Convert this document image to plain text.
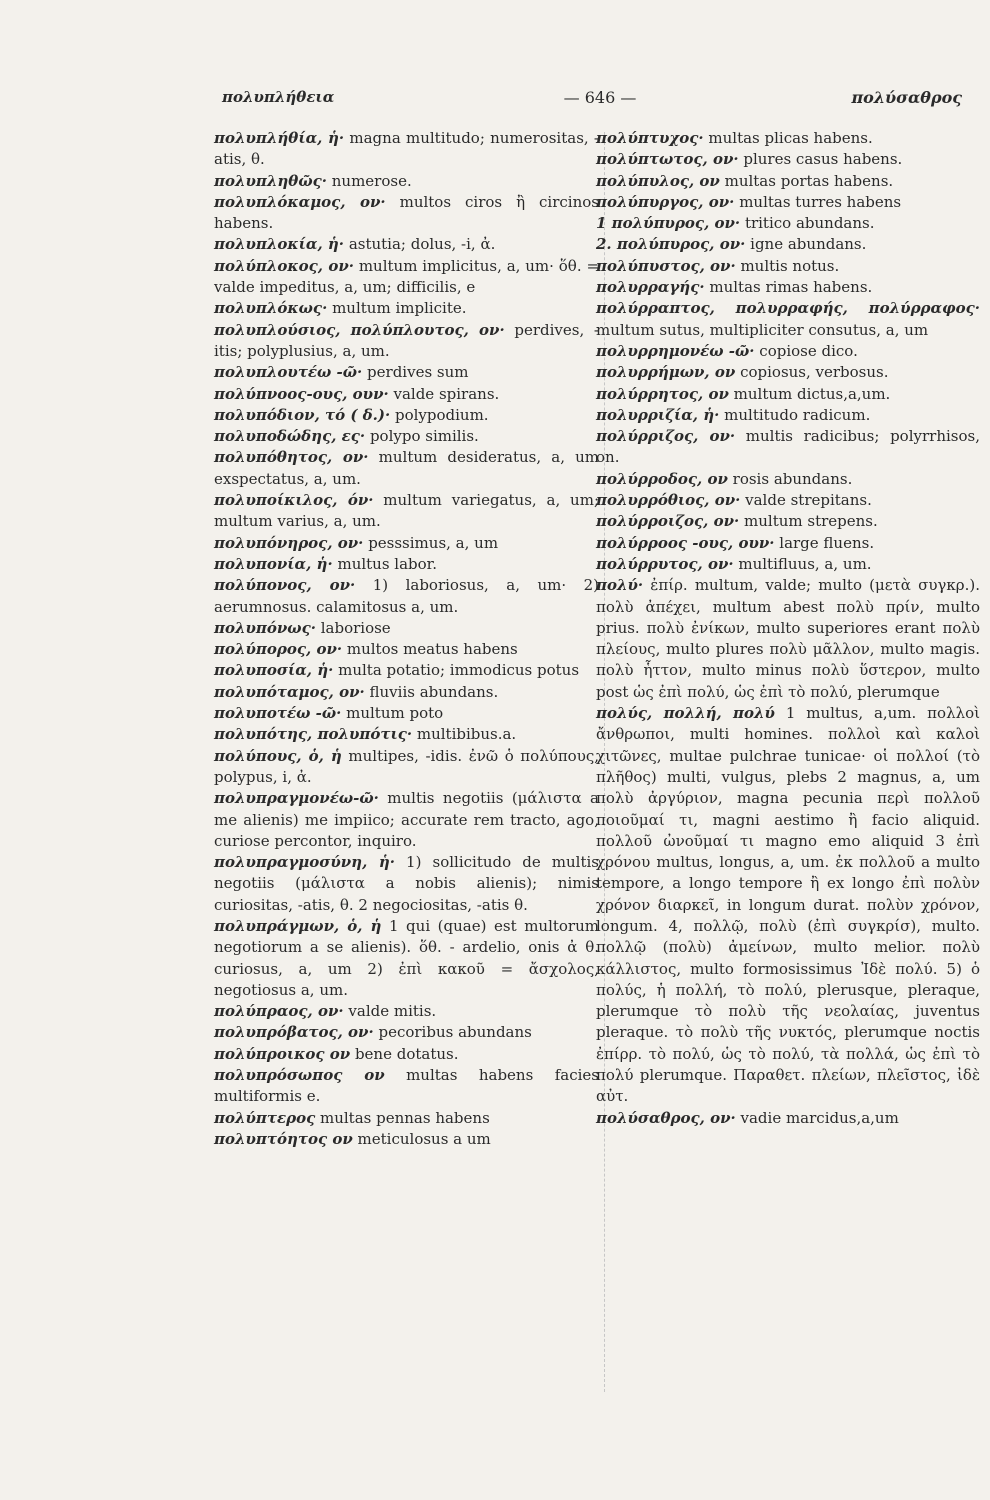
πολυπλήθεια	— 646 —	πολύσαθρος

πολυπλήθία, ἡ· magna multitudo; numerositas, -atis, θ.

πολυπληθῶς· numerose.

πολυπλόκαμος, ον· multos ciros ἢ circinos habens.

πολυπλοκία, ἡ· astutia; dolus, -i, ἀ.

πολύπλοκος, ον· multum implicitus, a, um· ὅθ. = valde impeditus, a, um; difficilis, e

πολυπλόκως· multum implicite.

πολυπλούσιος, πολύπλουτος, ον· perdives, -itis; polyplusius, a, um.

πολυπλουτέω -ῶ· perdives sum

πολύπνοος-ους, ουν· valde spirans.

πολυπόδιον, τό ( δ.)· polypodium.

πολυποδώδης, ες· polypo similis.

πολυπόθητος, ον· multum desideratus, a, um exspectatus, a, um.

πολυποίκιλος, όν· multum variegatus, a, um; multum varius, a, um.

πολυπόνηρος, ον· pesssimus, a, um

πολυπονία, ἡ· multus labor.

πολύπονος, ον· 1) laboriosus, a, um· 2) aerumnosus. calamitosus a, um.

πολυπόνως· laboriose

πολύπορος, ον· multos meatus habens

πολυποσία, ἡ· multa potatio; immodicus potus

πολυπόταμος, ον· fluviis abundans.

πολυποτέω -ῶ· multum poto

πολυπότης, πολυπότις· multibibus.a.

πολύπους, ὁ, ἡ multipes, -idis. ἐνῶ ὁ πολύπους, polypus, i, ἀ.

πολυπραγμονέω-ῶ· multis negotiis (μάλιστα a me alienis) me impiico; accurate rem tracto, ago, curiose percontor, inquiro.

πολυπραγμοσύνη, ἡ· 1) sollicitudo de multis negotiis (μάλιστα a nobis alienis); nimis curiositas, -atis, θ. 2 negociositas, -atis θ.

πολυπράγμων, ὁ, ἡ 1 qui (quae) est multorum negotiorum a se alienis). ὅθ. - ardelio, onis ἀ θ. curiosus, a, um 2) ἐπὶ κακοῦ = ἄσχολος, negotiosus a, um.

πολύπραος, ον· valde mitis.

πολυπρόβατος, ον· pecoribus abundans

πολύπροικος ον bene dotatus.

πολυπρόσωπος ον multas habens facies multiformis e.

πολύπτερος multas pennas habens

πολυπτόητος ον meticulosus a um

πολύπτυχος· multas plicas habens.

πολύπτωτος, ον· plures casus habens.

πολύπυλος, ον multas portas habens.

πολύπυργος, ον· multas turres habens

1 πολύπυρος, ον· tritico abundans.

2. πολύπυρος, ον· igne abundans.

πολύπυστος, ον· multis notus.

πολυρραγής· multas rimas habens.

πολύρραπτος, πολυρραφής, πολύρραφος· multum sutus, multipliciter consutus, a, um

πολυρρημονέω -ῶ· copiose dico.

πολυρρήμων, ον copiosus, verbosus.

πολύρρητος, ον multum dictus,a,um.

πολυρριζία, ἡ· multitudo radicum.

πολύρριζος, ον· multis radicibus; polyrrhisos, on.

πολύρροδος, ον rosis abundans.

πολυρρόθιος, ον· valde strepitans.

πολύρροιζος, ον· multum strepens.

πολύρροος -ους, ουν· large fluens.

πολύρρυτος, ον· multifluus, a, um.

πολύ· ἐπίρ. multum, valde; multo (μετὰ συγκρ.). πολὺ ἀπέχει, multum abest πολὺ πρίν, multo prius. πολὺ ἐνίκων, multo superiores erant πολὺ πλείους, multo plures πολὺ μᾶλλον, multo magis. πολὺ ἧττον, multo minus πολὺ ὕστερον, multo post ὡς ἐπὶ πολύ, ὡς ἐπὶ τὸ πολύ, plerumque

πολύς, πολλή, πολύ 1 multus, a,um. πολλοὶ ἄνθρωποι, multi homines. πολλοὶ καὶ καλοὶ χιτῶνες, multae pulchrae tunicae· οἱ πολλοί (τὸ πλῆθος) multi, vulgus, plebs 2 magnus, a, um πολὺ ἀργύριον, magna pecunia περὶ πολλοῦ ποιοῦμαί τι, magni aestimo ἢ facio aliquid. πολλοῦ ὠνοῦμαί τι magno emo aliquid 3 ἐπὶ χρόνου multus, longus, a, um. ἐκ πολλοῦ a multo tempore, a longo tempore ἢ ex longo ἐπὶ πολὺν χρόνον διαρκεῖ, in longum durat. πολὺν χρόνον, longum. 4, πολλῷ, πολὺ (ἐπὶ συγκρίσ), multo. πολλῷ (πολὺ) ἀμείνων, multo melior. πολὺ κάλλιστος, multo formosissimus Ἰδὲ πολύ. 5) ὁ πολύς, ἡ πολλή, τὸ πολύ, plerusque, pleraque, plerumque τὸ πολὺ τῆς νεολαίας, juventus pleraque. τὸ πολὺ τῆς νυκτός, plerumque noctis ἐπίρρ. τὸ πολύ, ὡς τὸ πολύ, τὰ πολλά, ὡς ἐπὶ τὸ πολύ plerumque. Παραθετ. πλείων, πλεῖστος, ἰδὲ αὐτ.

πολύσαθρος, ον· vadie marcidus,a,um
